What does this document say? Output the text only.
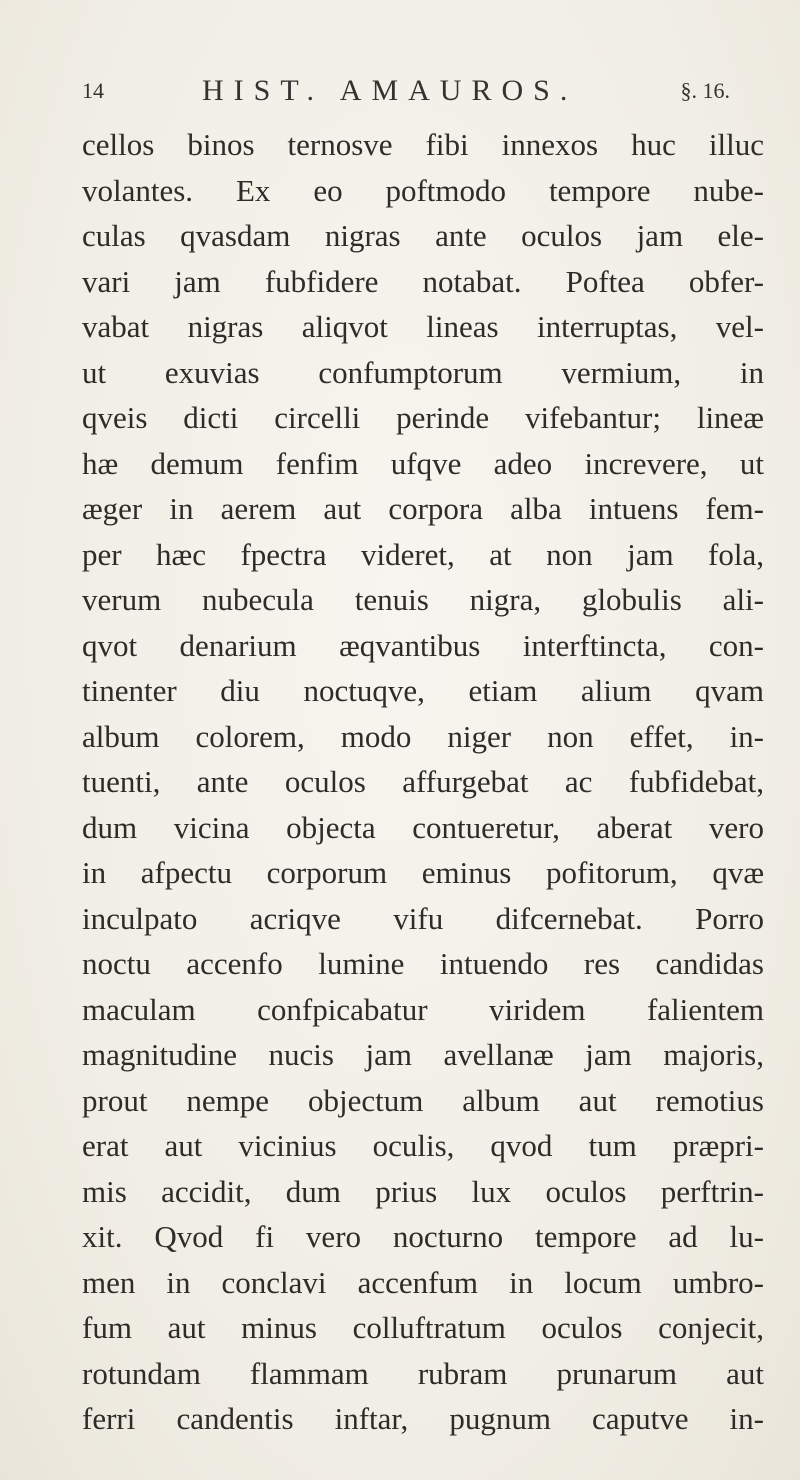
14	HIST. AMAUROS.	§. 16.
cellos binos ternosve fibi innexos huc illuc
volantes. Ex eo poftmodo tempore nube-
culas qvasdam nigras ante oculos jam ele-
vari jam fubfidere notabat. Poftea obfer-
vabat nigras aliqvot lineas interruptas, vel-
ut exuvias confumptorum vermium, in
qveis dicti circelli perinde vifebantur; lineæ
hæ demum fenfim ufqve adeo increvere, ut
æger in aerem aut corpora alba intuens fem-
per hæc fpectra videret, at non jam fola,
verum nubecula tenuis nigra, globulis ali-
qvot denarium æqvantibus interftincta, con-
tinenter diu noctuqve, etiam alium qvam
album colorem, modo niger non effet, in-
tuenti, ante oculos affurgebat ac fubfidebat,
dum vicina objecta contueretur, aberat vero
in afpectu corporum eminus pofitorum, qvæ
inculpato acriqve vifu difcernebat. Porro
noctu accenfo lumine intuendo res candidas
maculam confpicabatur viridem falientem
magnitudine nucis jam avellanæ jam majoris,
prout nempe objectum album aut remotius
erat aut vicinius oculis, qvod tum præpri-
mis accidit, dum prius lux oculos perftrin-
xit. Qvod fi vero nocturno tempore ad lu-
men in conclavi accenfum in locum umbro-
fum aut minus colluftratum oculos conjecit,
rotundam flammam rubram prunarum aut
ferri candentis inftar, pugnum caputve in-
